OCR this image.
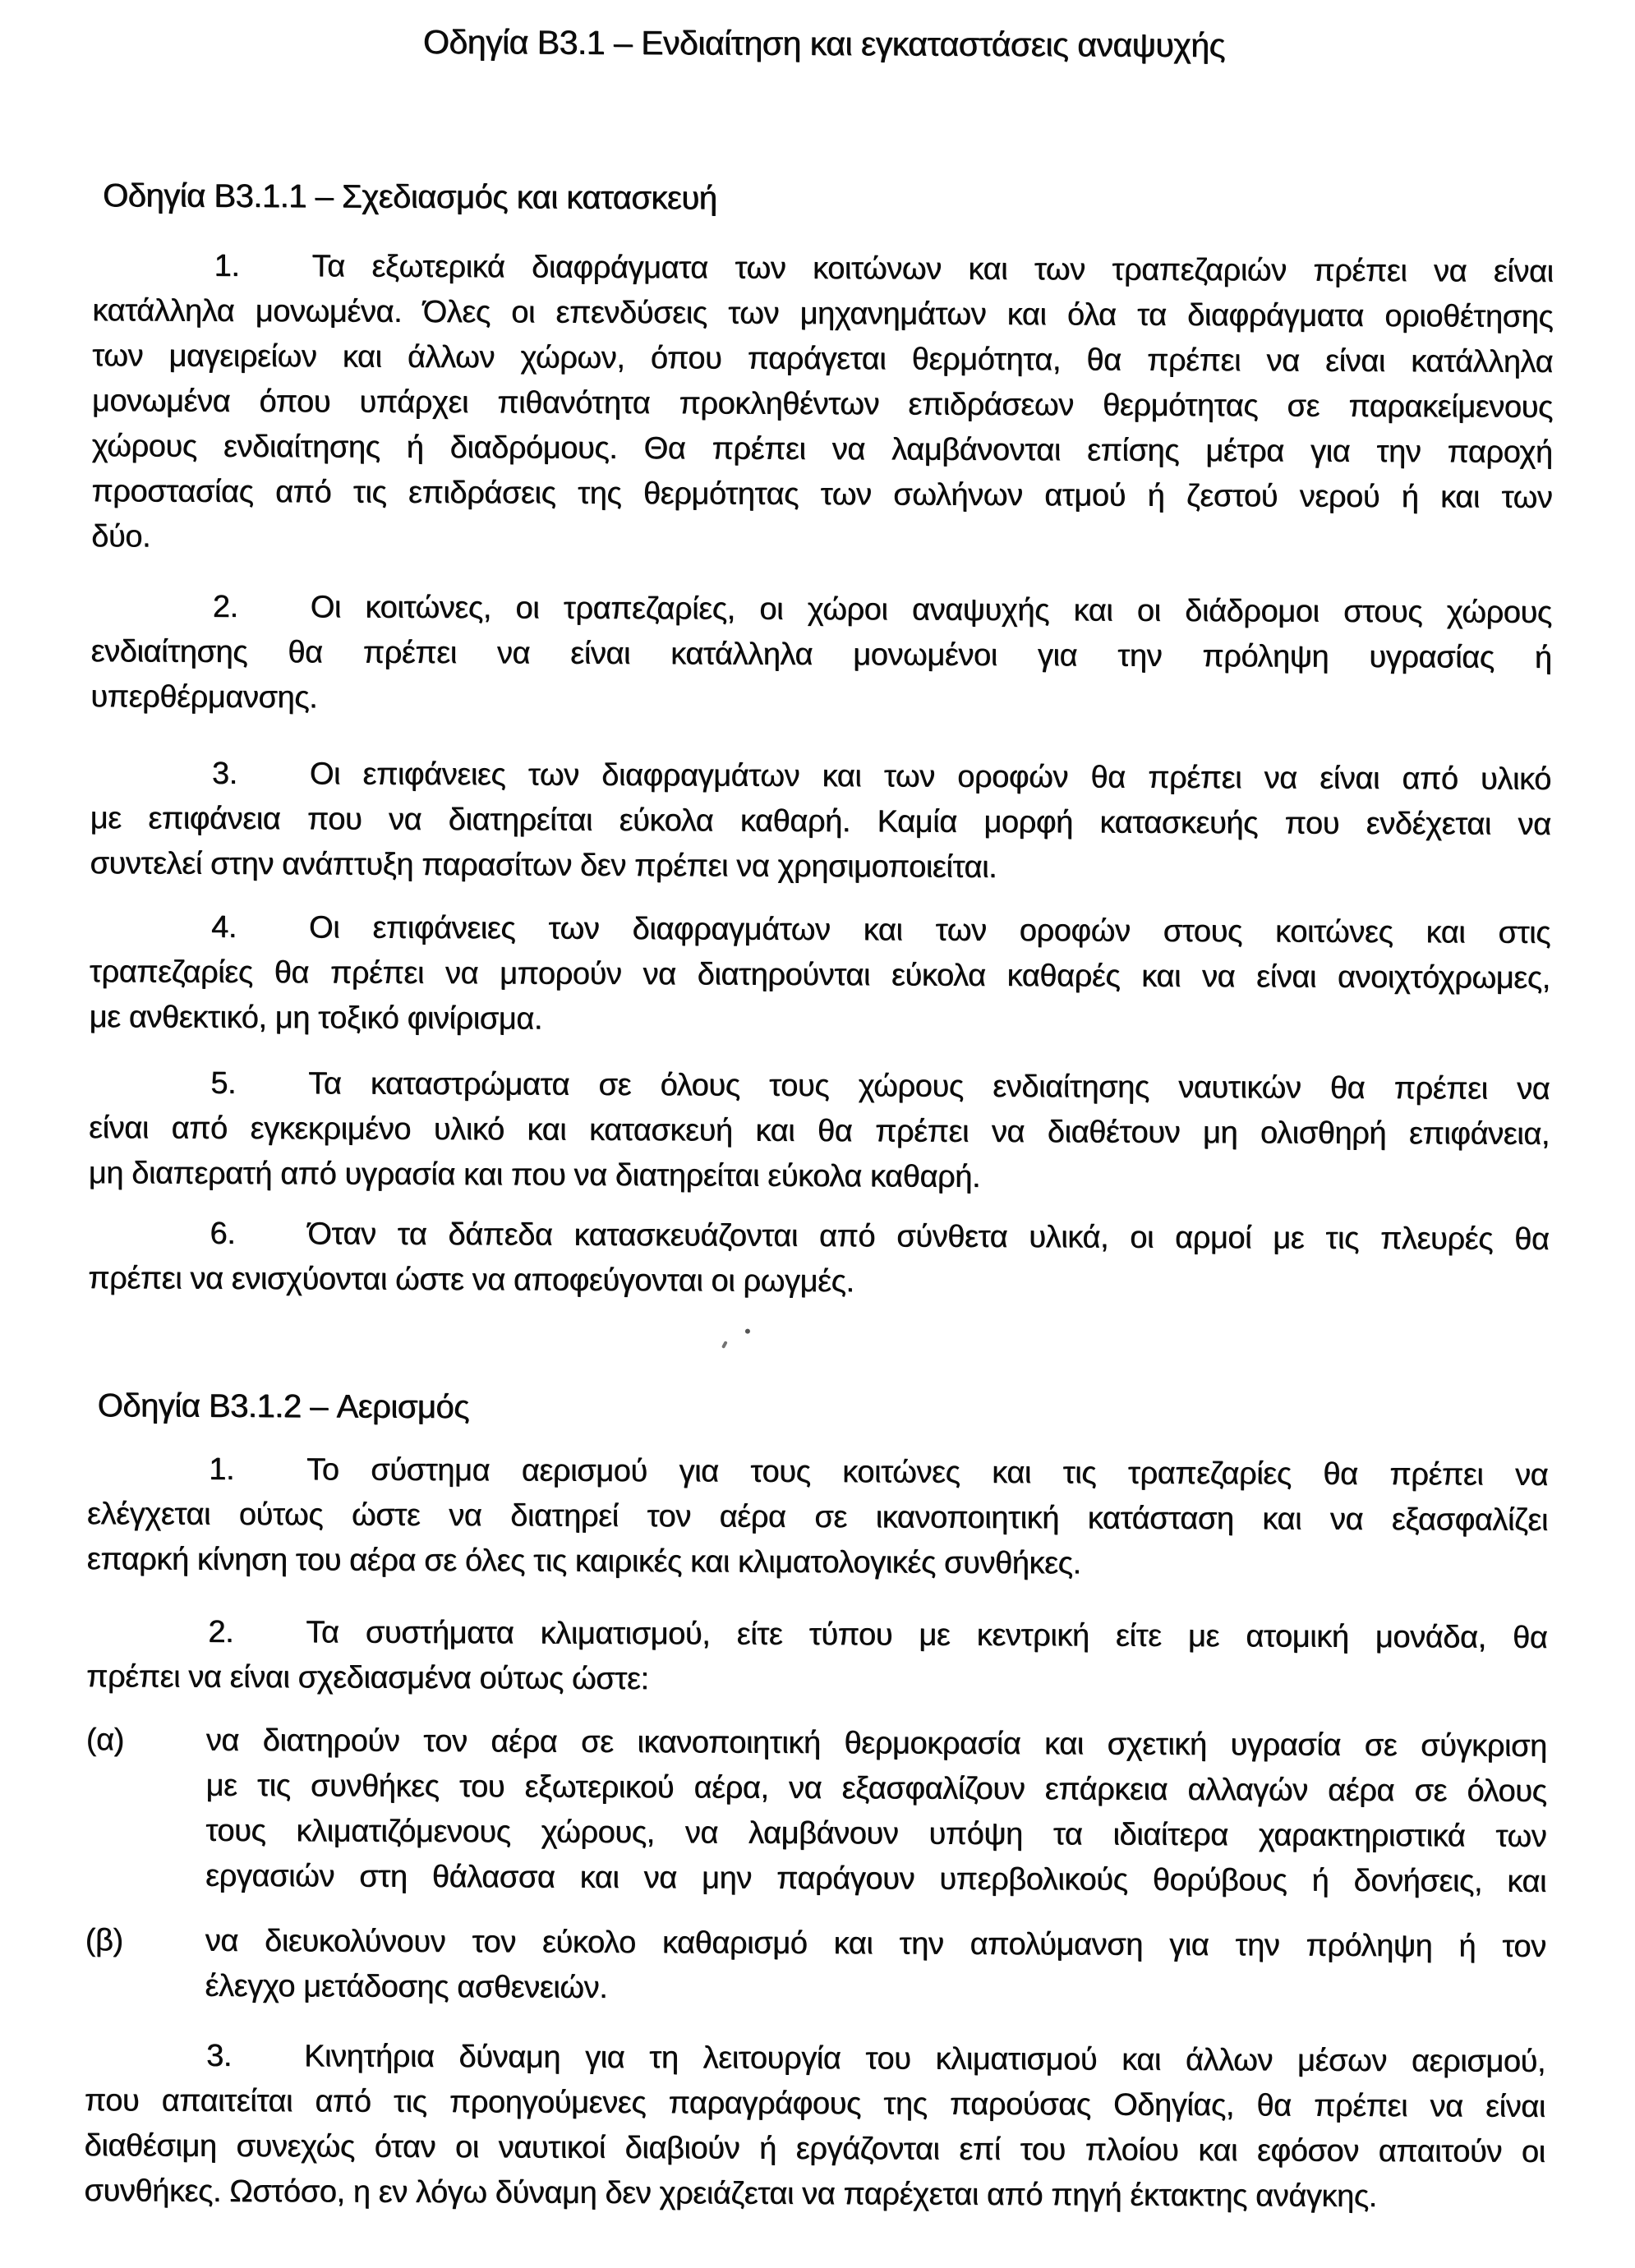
Οδηγία B3.1 – Ενδιαίτηση και εγκαταστάσεις αναψυχής
Οδηγία B3.1.1 – Σχεδιασμός και κατασκευή
1. Τα εξωτερικά διαφράγματα των κοιτώνων και των τραπεζαριών πρέπει να είναι
κατάλληλα μονωμένα. Όλες οι επενδύσεις των μηχανημάτων και όλα τα διαφράγματα οριοθέτησης
των μαγειρείων και άλλων χώρων, όπου παράγεται θερμότητα, θα πρέπει να είναι κατάλληλα
μονωμένα όπου υπάρχει πιθανότητα προκληθέντων επιδράσεων θερμότητας σε παρακείμενους
χώρους ενδιαίτησης ή διαδρόμους. Θα πρέπει να λαμβάνονται επίσης μέτρα για την παροχή
προστασίας από τις επιδράσεις της θερμότητας των σωλήνων ατμού ή ζεστού νερού ή και των
δύο.
2. Οι κοιτώνες, οι τραπεζαρίες, οι χώροι αναψυχής και οι διάδρομοι στους χώρους
ενδιαίτησης θα πρέπει να είναι κατάλληλα μονωμένοι για την πρόληψη υγρασίας ή
υπερθέρμανσης.
3. Οι επιφάνειες των διαφραγμάτων και των οροφών θα πρέπει να είναι από υλικό
με επιφάνεια που να διατηρείται εύκολα καθαρή. Καμία μορφή κατασκευής που ενδέχεται να
συντελεί στην ανάπτυξη παρασίτων δεν πρέπει να χρησιμοποιείται.
4. Οι επιφάνειες των διαφραγμάτων και των οροφών στους κοιτώνες και στις
τραπεζαρίες θα πρέπει να μπορούν να διατηρούνται εύκολα καθαρές και να είναι ανοιχτόχρωμες,
με ανθεκτικό, μη τοξικό φινίρισμα.
5. Τα καταστρώματα σε όλους τους χώρους ενδιαίτησης ναυτικών θα πρέπει να
είναι από εγκεκριμένο υλικό και κατασκευή και θα πρέπει να διαθέτουν μη ολισθηρή επιφάνεια,
μη διαπερατή από υγρασία και που να διατηρείται εύκολα καθαρή.
6. Όταν τα δάπεδα κατασκευάζονται από σύνθετα υλικά, οι αρμοί με τις πλευρές θα
πρέπει να ενισχύονται ώστε να αποφεύγονται οι ρωγμές.
Οδηγία B3.1.2 – Αερισμός
1. Το σύστημα αερισμού για τους κοιτώνες και τις τραπεζαρίες θα πρέπει να
ελέγχεται ούτως ώστε να διατηρεί τον αέρα σε ικανοποιητική κατάσταση και να εξασφαλίζει
επαρκή κίνηση του αέρα σε όλες τις καιρικές και κλιματολογικές συνθήκες.
2. Τα συστήματα κλιματισμού, είτε τύπου με κεντρική είτε με ατομική μονάδα, θα
πρέπει να είναι σχεδιασμένα ούτως ώστε:
(α)	να διατηρούν τον αέρα σε ικανοποιητική θερμοκρασία και σχετική υγρασία σε σύγκριση
με τις συνθήκες του εξωτερικού αέρα, να εξασφαλίζουν επάρκεια αλλαγών αέρα σε όλους
τους κλιματιζόμενους χώρους, να λαμβάνουν υπόψη τα ιδιαίτερα χαρακτηριστικά των
εργασιών στη θάλασσα και να μην παράγουν υπερβολικούς θορύβους ή δονήσεις, και
(β)	να διευκολύνουν τον εύκολο καθαρισμό και την απολύμανση για την πρόληψη ή τον
έλεγχο μετάδοσης ασθενειών.
3. Κινητήρια δύναμη για τη λειτουργία του κλιματισμού και άλλων μέσων αερισμού,
που απαιτείται από τις προηγούμενες παραγράφους της παρούσας Οδηγίας, θα πρέπει να είναι
διαθέσιμη συνεχώς όταν οι ναυτικοί διαβιούν ή εργάζονται επί του πλοίου και εφόσον απαιτούν οι
συνθήκες. Ωστόσο, η εν λόγω δύναμη δεν χρειάζεται να παρέχεται από πηγή έκτακτης ανάγκης.
